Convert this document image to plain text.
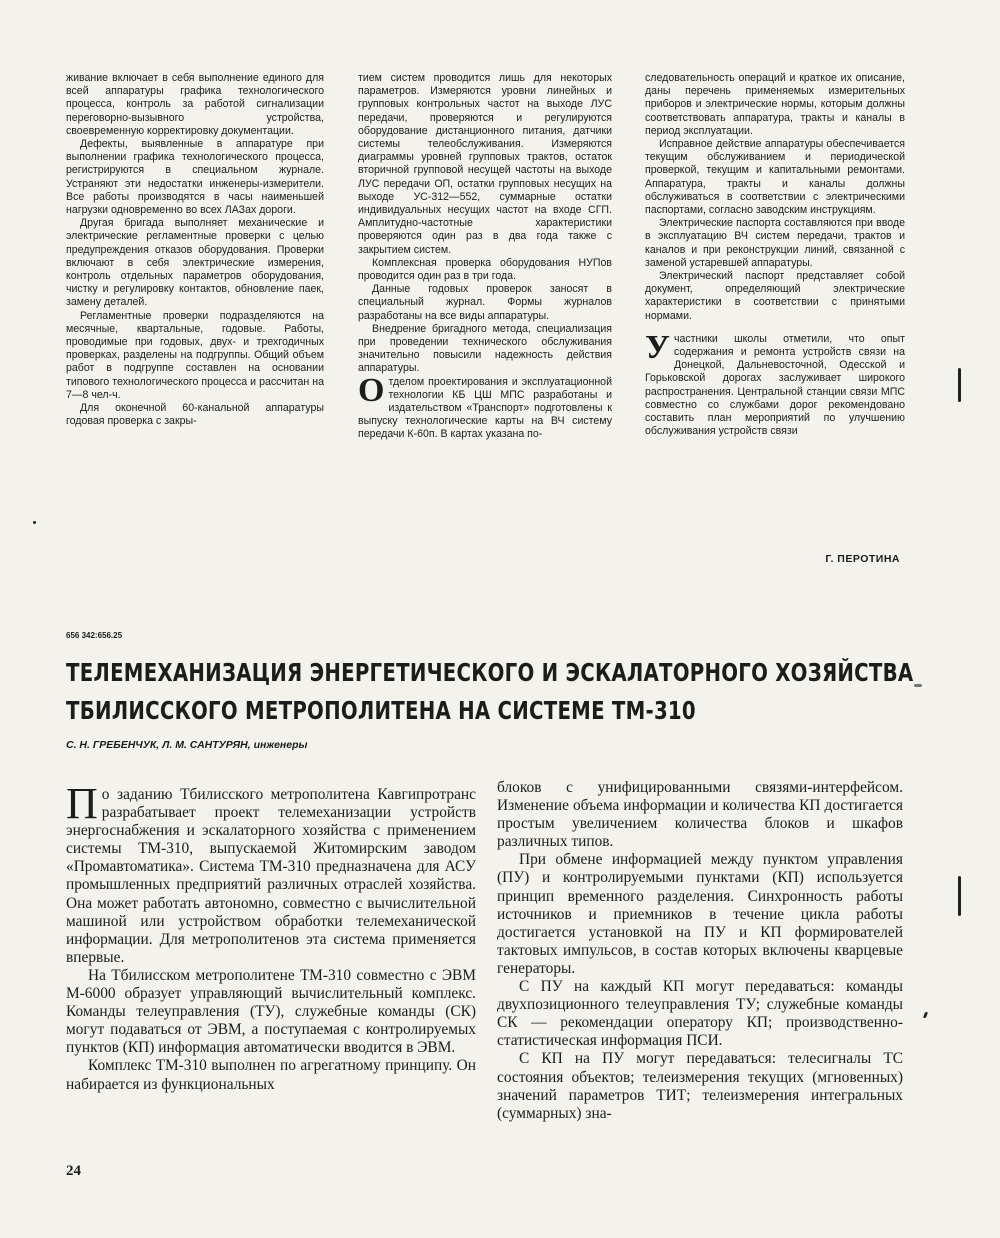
живание включает в себя выполнение единого для всей аппаратуры графика технологического процесса, контроль за работой сигнализации переговорно-вызывного устройства, своевременную корректировку документации.

Дефекты, выявленные в аппаратуре при выполнении графика технологического процесса, регистрируются в специальном журнале. Устраняют эти недостатки инженеры-измерители. Все работы производятся в часы наименьшей нагрузки одновременно во всех ЛАЗах дороги.

Другая бригада выполняет механические и электрические регламентные проверки с целью предупреждения отказов оборудования. Проверки включают в себя электрические измерения, контроль отдельных параметров оборудования, чистку и регулировку контактов, обновление паек, замену деталей.

Регламентные проверки подразделяются на месячные, квартальные, годовые. Работы, проводимые при годовых, двух- и трехгодичных проверках, разделены на подгруппы. Общий объем работ в подгруппе составлен на основании типового технологического процесса и рассчитан на 7—8 чел-ч.

Для оконечной 60-канальной аппаратуры годовая проверка с закры-

тием систем проводится лишь для некоторых параметров. Измеряются уровни линейных и групповых контрольных частот на выходе ЛУС передачи, проверяются и регулируются оборудование дистанционного питания, датчики системы телеобслуживания. Измеряются диаграммы уровней групповых трактов, остаток вторичной групповой несущей частоты на выходе ЛУС передачи ОП, остатки групповых несущих на выходе УС-312—552, суммарные остатки индивидуальных несущих частот на входе СГП. Амплитудно-частотные характеристики проверяются один раз в два года также с закрытием систем.

Комплексная проверка оборудования НУПов проводится один раз в три года.

Данные годовых проверок заносят в специальный журнал. Формы журналов разработаны на все виды аппаратуры.

Внедрение бригадного метода, специализация при проведении технического обслуживания значительно повысили надежность действия аппаратуры.

Отделом проектирования и эксплуатационной технологии КБ ЦШ МПС разработаны и издательством «Транспорт» подготовлены к выпуску технологические карты на ВЧ систему передачи К-60п. В картах указана по-

следовательность операций и краткое их описание, даны перечень применяемых измерительных приборов и электрические нормы, которым должны соответствовать аппаратура, тракты и каналы в период эксплуатации.

Исправное действие аппаратуры обеспечивается текущим обслуживанием и периодической проверкой, текущим и капитальными ремонтами. Аппаратура, тракты и каналы должны обслуживаться в соответствии с электрическими паспортами, согласно заводским инструкциям.

Электрические паспорта составляются при вводе в эксплуатацию ВЧ систем передачи, трактов и каналов и при реконструкции линий, связанной с заменой устаревшей аппаратуры.

Электрический паспорт представляет собой документ, определяющий электрические характеристики в соответствии с принятыми нормами.

Участники школы отметили, что опыт содержания и ремонта устройств связи на Донецкой, Дальневосточной, Одесской и Горьковской дорогах заслуживает широкого распространения. Центральной станции связи МПС совместно со службами дорог рекомендовано составить план мероприятий по улучшению обслуживания устройств связи

Г. ПЕРОТИНА
656 342:656.25
ТЕЛЕМЕХАНИЗАЦИЯ ЭНЕРГЕТИЧЕСКОГО И ЭСКАЛАТОРНОГО ХОЗЯЙСТВА
ТБИЛИССКОГО МЕТРОПОЛИТЕНА НА СИСТЕМЕ ТМ-310
С. Н. ГРЕБЕНЧУК, Л. М. САНТУРЯН, инженеры

По заданию Тбилисского метрополитена Кавгипротранс разрабатывает проект телемеханизации устройств энергоснабжения и эскалаторного хозяйства с применением системы ТМ-310, выпускаемой Житомирским заводом «Промавтоматика». Система ТМ-310 предназначена для АСУ промышленных предприятий различных отраслей хозяйства. Она может работать автономно, совместно с вычислительной машиной или устройством обработки телемеханической информации. Для метрополитенов эта система применяется впервые.

На Тбилисском метрополитене ТМ-310 совместно с ЭВМ М-6000 образует управляющий вычислительный комплекс. Команды телеуправления (ТУ), служебные команды (СК) могут подаваться от ЭВМ, а поступаемая с контролируемых пунктов (КП) информация автоматически вводится в ЭВМ.

Комплекс ТМ-310 выполнен по агрегатному принципу. Он набирается из функциональных

блоков с унифицированными связями-интерфейсом. Изменение объема информации и количества КП достигается простым увеличением количества блоков и шкафов различных типов.

При обмене информацией между пунктом управления (ПУ) и контролируемыми пунктами (КП) используется принцип временного разделения. Синхронность работы источников и приемников в течение цикла работы достигается установкой на ПУ и КП формирователей тактовых импульсов, в состав которых включены кварцевые генераторы.

С ПУ на каждый КП могут передаваться: команды двухпозиционного телеуправления ТУ; служебные команды СК — рекомендации оператору КП; производственно-статистическая информация ПСИ.

С КП на ПУ могут передаваться: телесигналы ТС состояния объектов; телеизмерения текущих (мгновенных) значений параметров ТИТ; телеизмерения интегральных (суммарных) зна-

24
